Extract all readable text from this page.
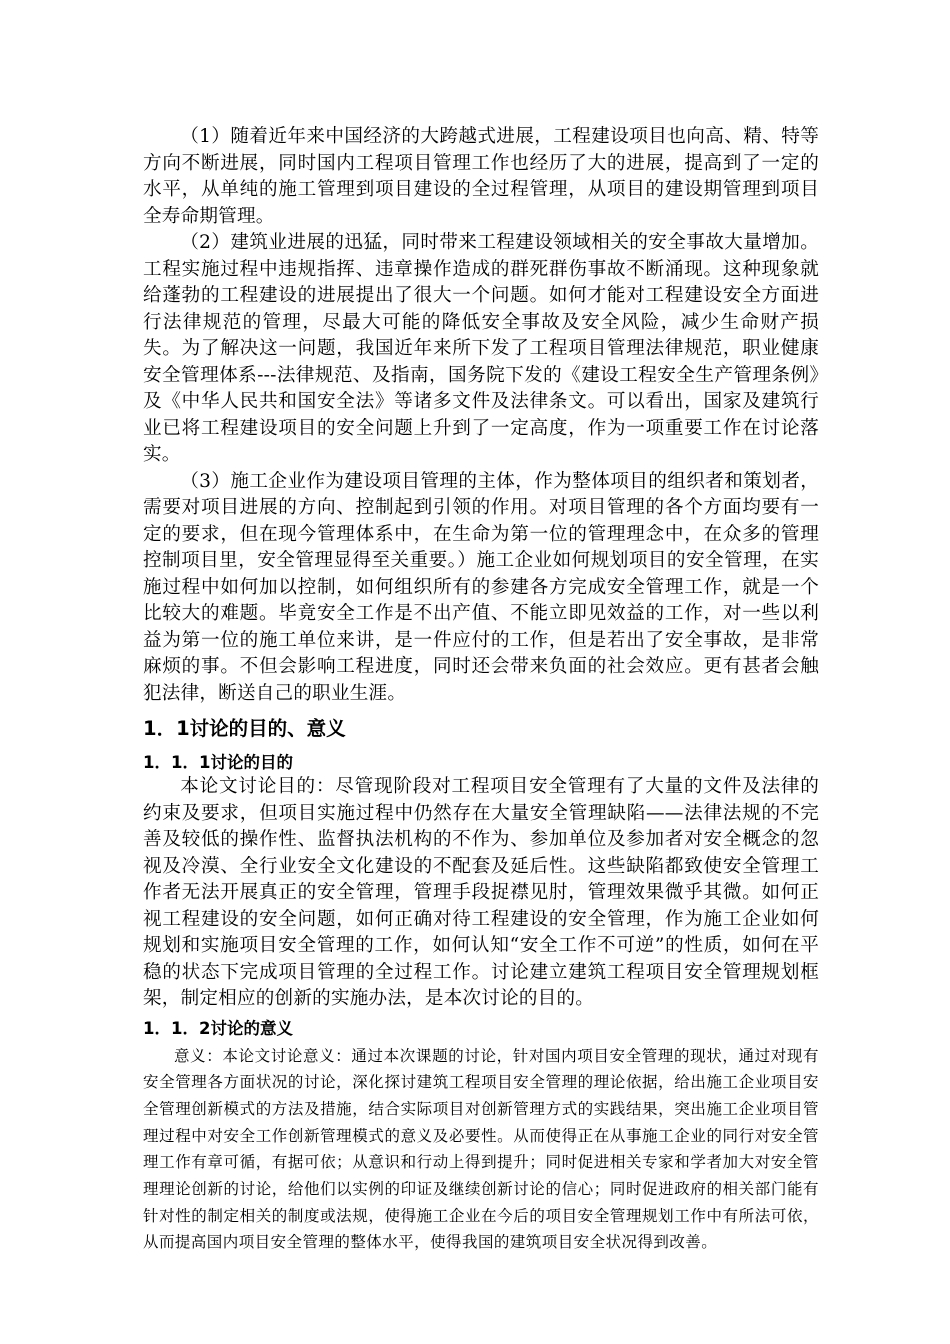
（1）随着近年来中国经济的大跨越式进展，工程建设项目也向高、精、特等方向不断进展，同时国内工程项目管理工作也经历了大的进展，提高到了一定的水平，从单纯的施工管理到项目建设的全过程管理，从项目的建设期管理到项目全寿命期管理。

（2）建筑业进展的迅猛，同时带来工程建设领域相关的安全事故大量增加。工程实施过程中违规指挥、违章操作造成的群死群伤事故不断涌现。这种现象就给蓬勃的工程建设的进展提出了很大一个问题。如何才能对工程建设安全方面进行法律规范的管理，尽最大可能的降低安全事故及安全风险，减少生命财产损失。为了解决这一问题，我国近年来所下发了工程项目管理法律规范，职业健康安全管理体系---法律规范、及指南，国务院下发的《建设工程安全生产管理条例》及《中华人民共和国安全法》等诸多文件及法律条文。可以看出，国家及建筑行业已将工程建设项目的安全问题上升到了一定高度，作为一项重要工作在讨论落实。

（3）施工企业作为建设项目管理的主体，作为整体项目的组织者和策划者，需要对项目进展的方向、控制起到引领的作用。对项目管理的各个方面均要有一定的要求，但在现今管理体系中，在生命为第一位的管理理念中，在众多的管理控制项目里，安全管理显得至关重要。）施工企业如何规划项目的安全管理，在实施过程中如何加以控制，如何组织所有的参建各方完成安全管理工作，就是一个比较大的难题。毕竟安全工作是不出产值、不能立即见效益的工作，对一些以利益为第一位的施工单位来讲，是一件应付的工作，但是若出了安全事故，是非常麻烦的事。不但会影响工程进度，同时还会带来负面的社会效应。更有甚者会触犯法律，断送自己的职业生涯。

1．1讨论的目的、意义
1．1．1讨论的目的

本论文讨论目的：尽管现阶段对工程项目安全管理有了大量的文件及法律的约束及要求，但项目实施过程中仍然存在大量安全管理缺陷——法律法规的不完善及较低的操作性、监督执法机构的不作为、参加单位及参加者对安全概念的忽视及冷漠、全行业安全文化建设的不配套及延后性。这些缺陷都致使安全管理工作者无法开展真正的安全管理，管理手段捉襟见肘，管理效果微乎其微。如何正视工程建设的安全问题，如何正确对待工程建设的安全管理，作为施工企业如何规划和实施项目安全管理的工作，如何认知“安全工作不可逆”的性质，如何在平稳的状态下完成项目管理的全过程工作。讨论建立建筑工程项目安全管理规划框架，制定相应的创新的实施办法，是本次讨论的目的。

1．1．2讨论的意义

意义：本论文讨论意义：通过本次课题的讨论，针对国内项目安全管理的现状，通过对现有安全管理各方面状况的讨论，深化探讨建筑工程项目安全管理的理论依据，给出施工企业项目安全管理创新模式的方法及措施，结合实际项目对创新管理方式的实践结果，突出施工企业项目管理过程中对安全工作创新管理模式的意义及必要性。从而使得正在从事施工企业的同行对安全管理工作有章可循，有据可依；从意识和行动上得到提升；同时促进相关专家和学者加大对安全管理理论创新的讨论，给他们以实例的印证及继续创新讨论的信心；同时促进政府的相关部门能有针对性的制定相关的制度或法规，使得施工企业在今后的项目安全管理规划工作中有所法可依，从而提高国内项目安全管理的整体水平，使得我国的建筑项目安全状况得到改善。
